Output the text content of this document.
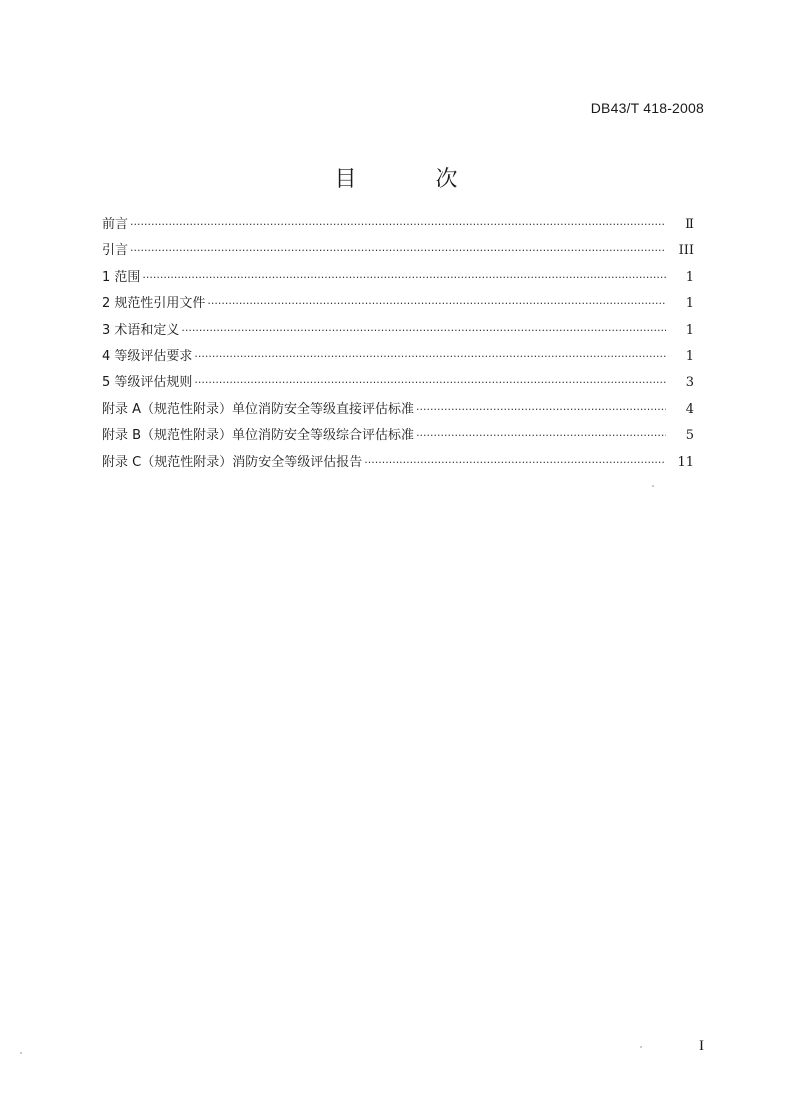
DB43/T 418-2008
目 次
前言 ·····	Ⅱ
引言 ·····	III
1 范围 ·····	1
2 规范性引用文件 ·····	1
3 术语和定义 ·····	1
4 等级评估要求 ·····	1
5 等级评估规则 ·····	3
附录 A（规范性附录）单位消防安全等级直接评估标准 ·····	4
附录 B（规范性附录）单位消防安全等级综合评估标准 ·····	5
附录 C（规范性附录）消防安全等级评估报告 ·····	11
I
